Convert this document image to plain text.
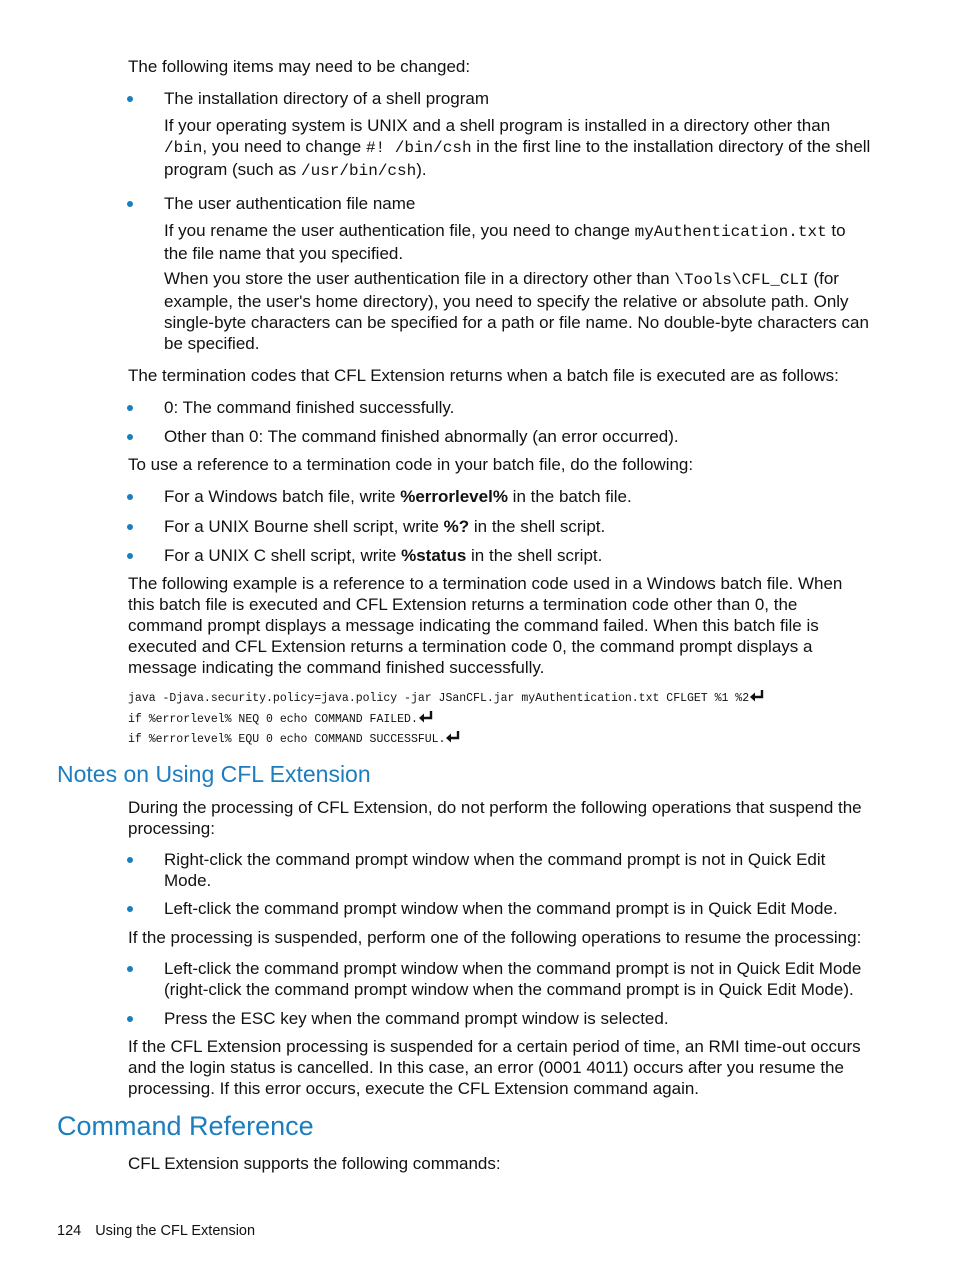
The following items may need to be changed:
The installation directory of a shell program
If your operating system is UNIX and a shell program is installed in a directory other than /bin, you need to change #! /bin/csh in the first line to the installation directory of the shell program (such as /usr/bin/csh).
The user authentication file name
If you rename the user authentication file, you need to change myAuthentication.txt to the file name that you specified.
When you store the user authentication file in a directory other than \Tools\CFL_CLI (for example, the user's home directory), you need to specify the relative or absolute path. Only single-byte characters can be specified for a path or file name. No double-byte characters can be specified.
The termination codes that CFL Extension returns when a batch file is executed are as follows:
0: The command finished successfully.
Other than 0: The command finished abnormally (an error occurred).
To use a reference to a termination code in your batch file, do the following:
For a Windows batch file, write %errorlevel% in the batch file.
For a UNIX Bourne shell script, write %? in the shell script.
For a UNIX C shell script, write %status in the shell script.
The following example is a reference to a termination code used in a Windows batch file. When this batch file is executed and CFL Extension returns a termination code other than 0, the command prompt displays a message indicating the command failed. When this batch file is executed and CFL Extension returns a termination code 0, the command prompt displays a message indicating the command finished successfully.
java -Djava.security.policy=java.policy -jar JSanCFL.jar myAuthentication.txt CFLGET %1 %2
if %errorlevel% NEQ 0 echo COMMAND FAILED.
if %errorlevel% EQU 0 echo COMMAND SUCCESSFUL.
Notes on Using CFL Extension
During the processing of CFL Extension, do not perform the following operations that suspend the processing:
Right-click the command prompt window when the command prompt is not in Quick Edit Mode.
Left-click the command prompt window when the command prompt is in Quick Edit Mode.
If the processing is suspended, perform one of the following operations to resume the processing:
Left-click the command prompt window when the command prompt is not in Quick Edit Mode (right-click the command prompt window when the command prompt is in Quick Edit Mode).
Press the ESC key when the command prompt window is selected.
If the CFL Extension processing is suspended for a certain period of time, an RMI time-out occurs and the login status is cancelled. In this case, an error (0001 4011) occurs after you resume the processing. If this error occurs, execute the CFL Extension command again.
Command Reference
CFL Extension supports the following commands:
124 Using the CFL Extension
